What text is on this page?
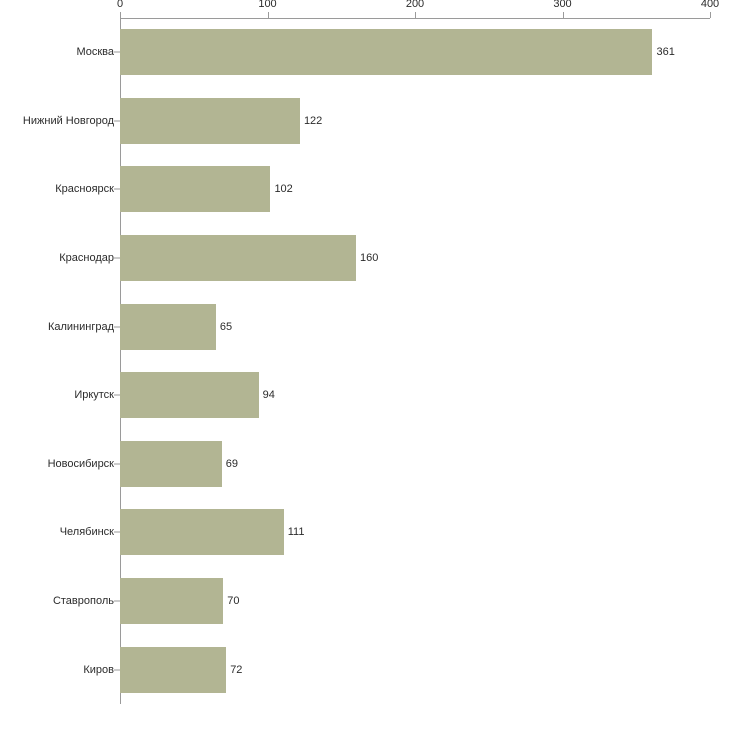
0	100	200	300	400
Москва	361
Нижний Новгород	122
Красноярск	102
Краснодар	160
Калининград	65
Иркутск	94
Новосибирск	69
Челябинск	111
Ставрополь	70
Киров	72
